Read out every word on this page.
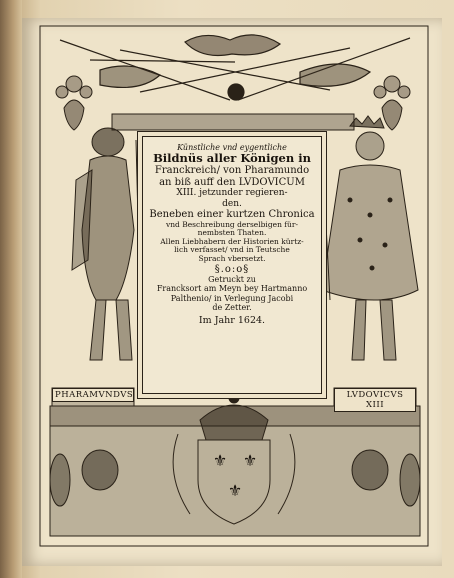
⚜ ⚜
⚜
Künstliche vnd eygentliche
Bildnüs aller Königen in
Franckreich/ von Pharamundo
an biß auff den LVDOVICUM
XIII. jetzunder regieren-
den.
Beneben einer kurtzen Chronica
vnd Beschreibung derselbigen für-
nembsten Thaten.
Allen Liebhabern der Historien kürtz-
lich verfasset/ vnd in Teutsche
Sprach vbersetzt.
§.o:o§
Getruckt zu
Francksort am Meyn bey Hartmanno
Palthenio/ in Verlegung Jacobi
de Zetter.
Im Jahr 1624.
PHARAMVNDVS	LVDOVICVS XIII
